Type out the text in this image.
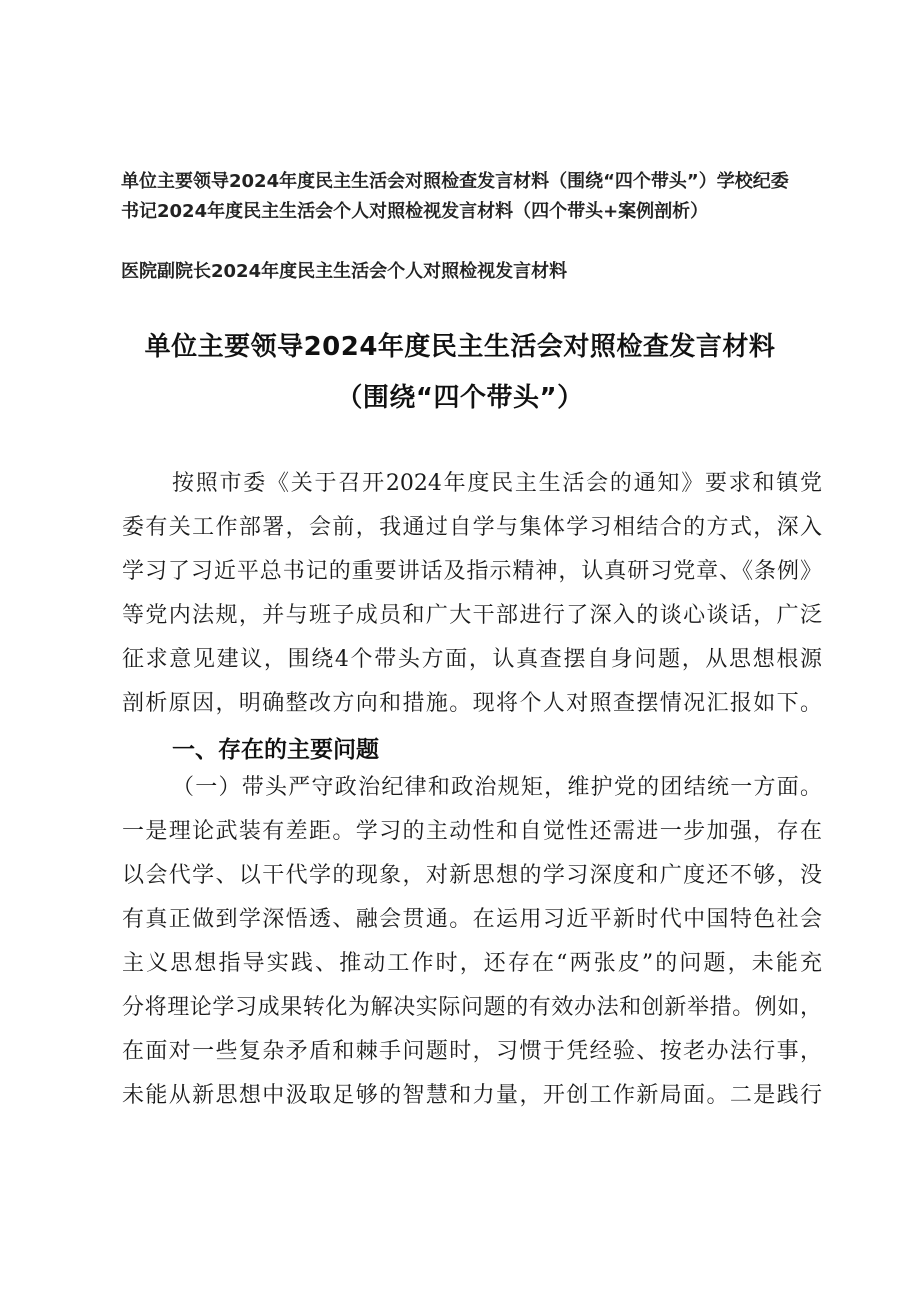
单位主要领导2024年度民主生活会对照检查发言材料（围绕“四个带头”）学校纪委
书记2024年度民主生活会个人对照检视发言材料（四个带头+案例剖析）
医院副院长2024年度民主生活会个人对照检视发言材料
单位主要领导2024年度民主生活会对照检查发言材料
（围绕“四个带头”）
按照市委《关于召开2024年度民主生活会的通知》要求和镇党
委有关工作部署，会前，我通过自学与集体学习相结合的方式，深入
学习了习近平总书记的重要讲话及指示精神，认真研习党章、《条例》
等党内法规，并与班子成员和广大干部进行了深入的谈心谈话，广泛
征求意见建议，围绕4个带头方面，认真查摆自身问题，从思想根源
剖析原因，明确整改方向和措施。现将个人对照查摆情况汇报如下。
一、存在的主要问题
（一）带头严守政治纪律和政治规矩，维护党的团结统一方面。
一是理论武装有差距。学习的主动性和自觉性还需进一步加强，存在
以会代学、以干代学的现象，对新思想的学习深度和广度还不够，没
有真正做到学深悟透、融会贯通。在运用习近平新时代中国特色社会
主义思想指导实践、推动工作时，还存在“两张皮”的问题，未能充
分将理论学习成果转化为解决实际问题的有效办法和创新举措。例如，
在面对一些复杂矛盾和棘手问题时，习惯于凭经验、按老办法行事，
未能从新思想中汲取足够的智慧和力量，开创工作新局面。二是践行
